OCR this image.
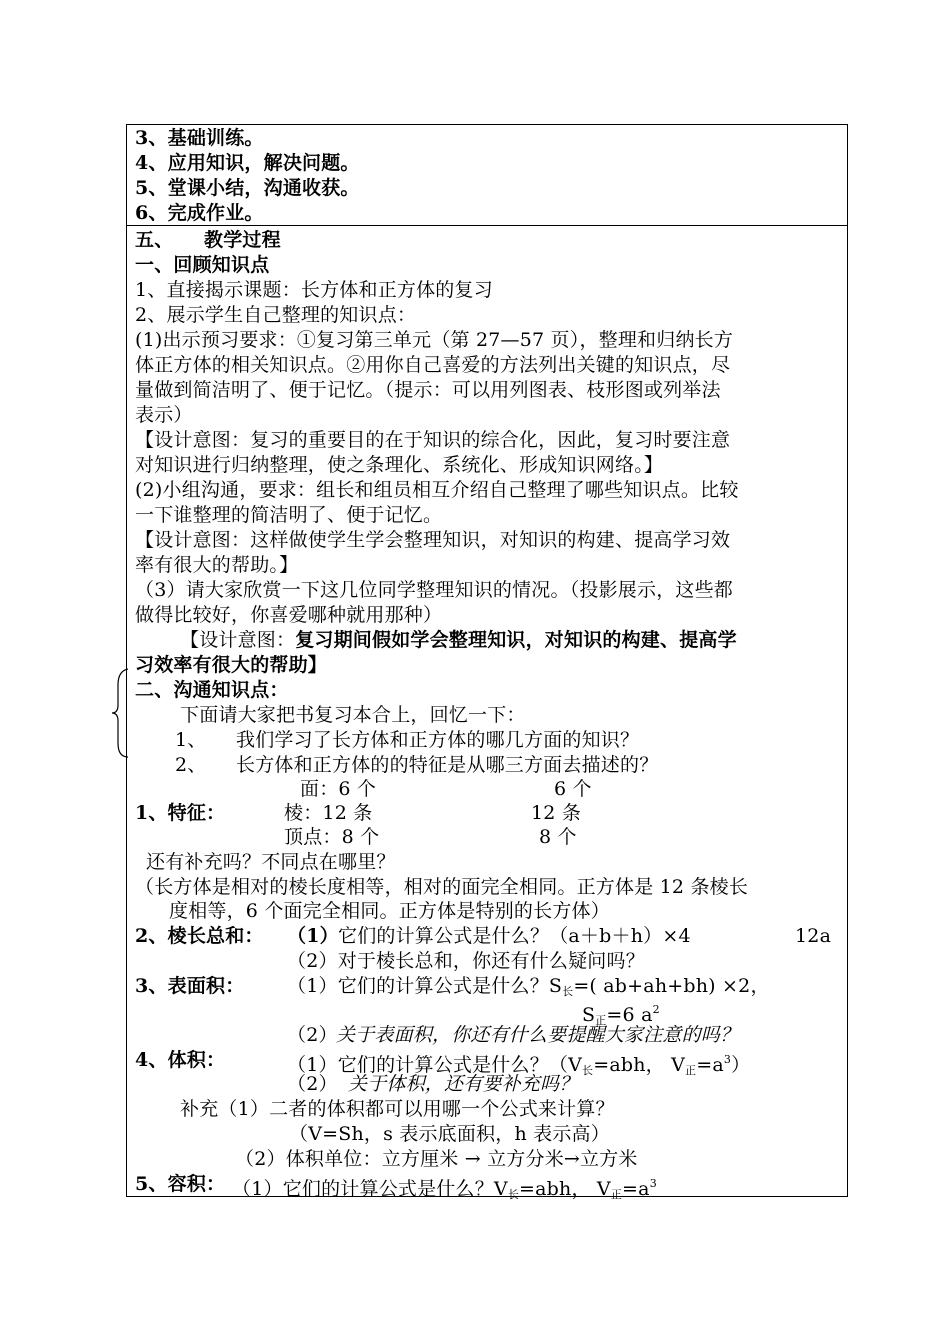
3、基础训练。
4、应用知识，解决问题。
5、堂课小结，沟通收获。
6、完成作业。
五、 教学过程
一、回顾知识点
1、直接揭示课题：长方体和正方体的复习
2、展示学生自己整理的知识点：
(1)出示预习要求：①复习第三单元（第 27—57 页），整理和归纳长方
体正方体的相关知识点。②用你自己喜爱的方法列出关键的知识点，尽
量做到简洁明了、便于记忆。（提示：可以用列图表、枝形图或列举法
表示）
【设计意图：复习的重要目的在于知识的综合化，因此，复习时要注意
对知识进行归纳整理，使之条理化、系统化、形成知识网络。】
(2)小组沟通，要求：组长和组员相互介绍自己整理了哪些知识点。比较
一下谁整理的简洁明了、便于记忆。
【设计意图：这样做使学生学会整理知识，对知识的构建、提高学习效
率有很大的帮助。】
（3）请大家欣赏一下这几位同学整理知识的情况。（投影展示，这些都
做得比较好，你喜爱哪种就用那种）
【设计意图：复习期间假如学会整理知识，对知识的构建、提高学
习效率有很大的帮助】
二、沟通知识点：
下面请大家把书复习本合上，回忆一下：
1、 我们学习了长方体和正方体的哪几方面的知识？
2、 长方体和正方体的的特征是从哪三方面去描述的？
面：6 个	6 个
1、特征：	棱：12 条	12 条
顶点：8 个	8 个
还有补充吗？不同点在哪里？
（长方体是相对的棱长度相等，相对的面完全相同。正方体是 12 条棱长
度相等，6 个面完全相同。正方体是特别的长方体）
2、棱长总和： （1） 它们的计算公式是什么？（a＋b＋h）×4	12a
（2）对于棱长总和，你还有什么疑问吗？
3、表面积： （1）它们的计算公式是什么？$S_长=$( ab+ah+bh) ×2，
$S_正=6$ $a^2$
（2）
关于表面积，你还有什么要提醒大家注意的吗？
4、体积：	（1）它们的计算公式是什么？（$V_长=abh$， $V_正=a^3$）
（2） 关于体积，还有要补充吗？
补充（1）二者的体积都可以用哪一个公式来计算？
（V=Sh，s 表示底面积，h 表示高）
（2）体积单位：立方厘米 → 立方分米→立方米
5、容积： （1）它们的计算公式是什么？$V_长=abh$， $V_正=a^3$
